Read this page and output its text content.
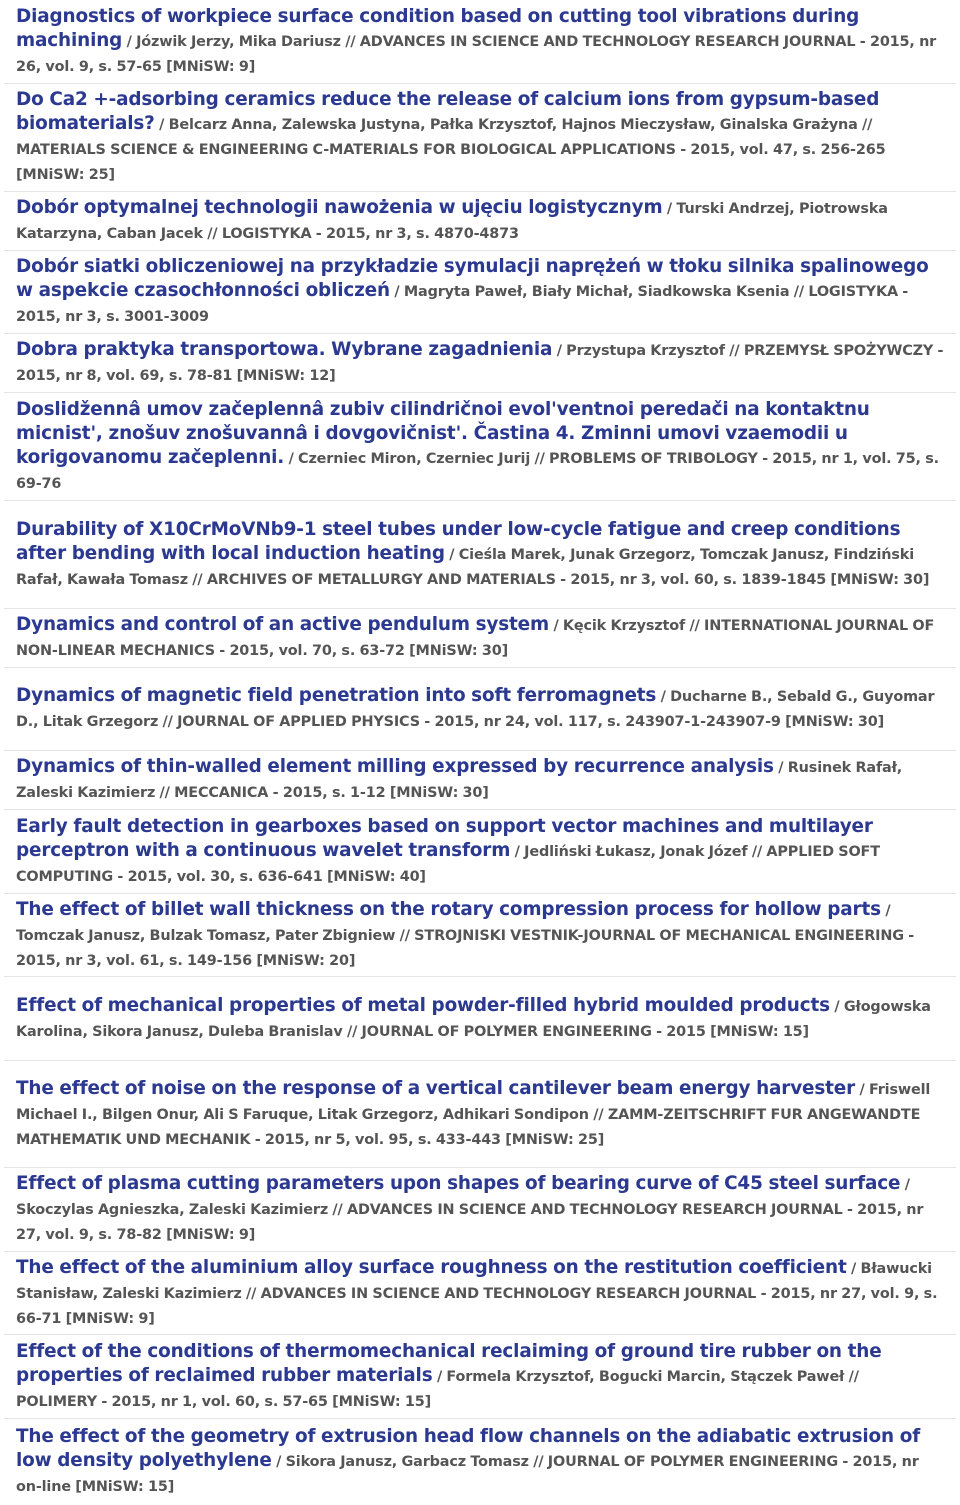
Diagnostics of workpiece surface condition based on cutting tool vibrations during machining / Józwik Jerzy, Mika Dariusz // ADVANCES IN SCIENCE AND TECHNOLOGY RESEARCH JOURNAL - 2015, nr 26, vol. 9, s. 57-65 [MNiSW: 9]

Do Ca2 +-adsorbing ceramics reduce the release of calcium ions from gypsum-based biomaterials? / Belcarz Anna, Zalewska Justyna, Pałka Krzysztof, Hajnos Mieczysław, Ginalska Grażyna // MATERIALS SCIENCE & ENGINEERING C-MATERIALS FOR BIOLOGICAL APPLICATIONS - 2015, vol. 47, s. 256-265 [MNiSW: 25]

Dobór optymalnej technologii nawożenia w ujęciu logistycznym / Turski Andrzej, Piotrowska Katarzyna, Caban Jacek // LOGISTYKA - 2015, nr 3, s. 4870-4873

Dobór siatki obliczeniowej na przykładzie symulacji naprężeń w tłoku silnika spalinowego w aspekcie czasochłonności obliczeń / Magryta Paweł, Biały Michał, Siadkowska Ksenia // LOGISTYKA - 2015, nr 3, s. 3001-3009

Dobra praktyka transportowa. Wybrane zagadnienia / Przystupa Krzysztof // PRZEMYSŁ SPOŻYWCZY - 2015, nr 8, vol. 69, s. 78-81 [MNiSW: 12]

Doslidžennâ umov začeplennâ zubiv cilindričnoi evol'ventnoi peredači na kontaktnu micnist', znošuv znošuvannâ i dovgovičnist'. Častina 4. Zminni umovi vzaemodii u korigovanomu začeplenni. / Czerniec Miron, Czerniec Jurij // PROBLEMS OF TRIBOLOGY - 2015, nr 1, vol. 75, s. 69-76

Durability of X10CrMoVNb9-1 steel tubes under low-cycle fatigue and creep conditions after bending with local induction heating / Cieśla Marek, Junak Grzegorz, Tomczak Janusz, Findziński Rafał, Kawała Tomasz // ARCHIVES OF METALLURGY AND MATERIALS - 2015, nr 3, vol. 60, s. 1839-1845 [MNiSW: 30]

Dynamics and control of an active pendulum system / Kęcik Krzysztof // INTERNATIONAL JOURNAL OF NON-LINEAR MECHANICS - 2015, vol. 70, s. 63-72 [MNiSW: 30]

Dynamics of magnetic field penetration into soft ferromagnets / Ducharne B., Sebald G., Guyomar D., Litak Grzegorz // JOURNAL OF APPLIED PHYSICS - 2015, nr 24, vol. 117, s. 243907-1-243907-9 [MNiSW: 30]

Dynamics of thin-walled element milling expressed by recurrence analysis / Rusinek Rafał, Zaleski Kazimierz // MECCANICA - 2015, s. 1-12 [MNiSW: 30]

Early fault detection in gearboxes based on support vector machines and multilayer perceptron with a continuous wavelet transform / Jedliński Łukasz, Jonak Józef // APPLIED SOFT COMPUTING - 2015, vol. 30, s. 636-641 [MNiSW: 40]

The effect of billet wall thickness on the rotary compression process for hollow parts / Tomczak Janusz, Bulzak Tomasz, Pater Zbigniew // STROJNISKI VESTNIK-JOURNAL OF MECHANICAL ENGINEERING - 2015, nr 3, vol. 61, s. 149-156 [MNiSW: 20]

Effect of mechanical properties of metal powder-filled hybrid moulded products / Głogowska Karolina, Sikora Janusz, Duleba Branislav // JOURNAL OF POLYMER ENGINEERING - 2015 [MNiSW: 15]

The effect of noise on the response of a vertical cantilever beam energy harvester / Friswell Michael I., Bilgen Onur, Ali S Faruque, Litak Grzegorz, Adhikari Sondipon // ZAMM-ZEITSCHRIFT FUR ANGEWANDTE MATHEMATIK UND MECHANIK - 2015, nr 5, vol. 95, s. 433-443 [MNiSW: 25]

Effect of plasma cutting parameters upon shapes of bearing curve of C45 steel surface / Skoczylas Agnieszka, Zaleski Kazimierz // ADVANCES IN SCIENCE AND TECHNOLOGY RESEARCH JOURNAL - 2015, nr 27, vol. 9, s. 78-82 [MNiSW: 9]

The effect of the aluminium alloy surface roughness on the restitution coefficient / Bławucki Stanisław, Zaleski Kazimierz // ADVANCES IN SCIENCE AND TECHNOLOGY RESEARCH JOURNAL - 2015, nr 27, vol. 9, s. 66-71 [MNiSW: 9]

Effect of the conditions of thermomechanical reclaiming of ground tire rubber on the properties of reclaimed rubber materials / Formela Krzysztof, Bogucki Marcin, Stączek Paweł // POLIMERY - 2015, nr 1, vol. 60, s. 57-65 [MNiSW: 15]

The effect of the geometry of extrusion head flow channels on the adiabatic extrusion of low density polyethylene / Sikora Janusz, Garbacz Tomasz // JOURNAL OF POLYMER ENGINEERING - 2015, nr on-line [MNiSW: 15]
